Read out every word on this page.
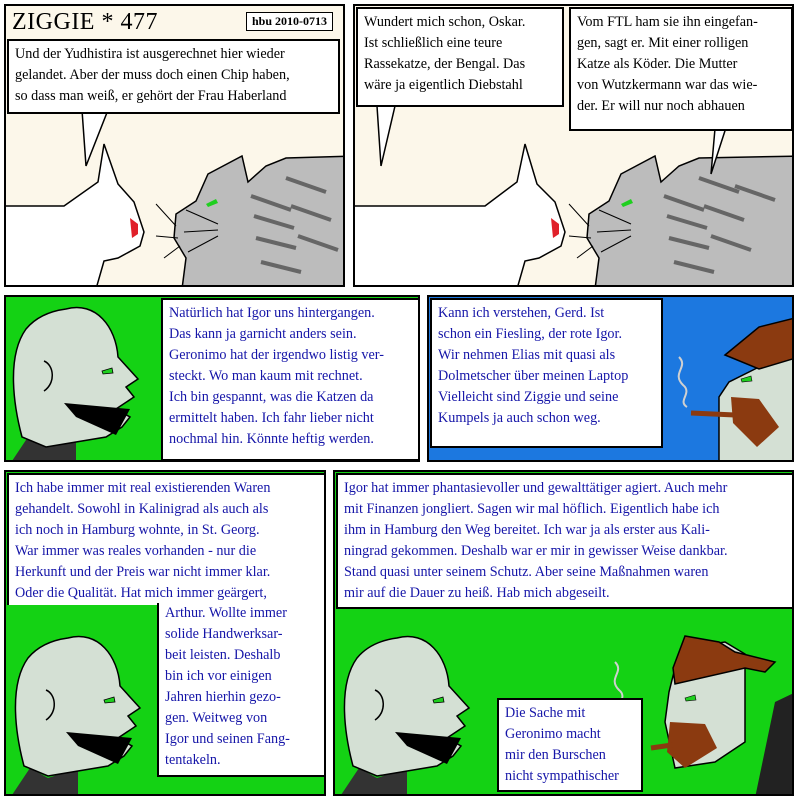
ZIGGIE * 477	hbu 2010-0713
Und der Yudhistira ist ausgerechnet hier wieder
gelandet. Aber der muss doch einen Chip haben,
so dass man weiß, er gehört der Frau Haberland
Wundert mich schon, Oskar.
Ist schließlich eine teure
Rassekatze, der Bengal. Das
wäre ja eigentlich Diebstahl
Vom FTL ham sie ihn eingefan-
gen, sagt er. Mit einer rolligen
Katze als Köder. Die Mutter
von Wutzkermann war das wie-
der. Er will nur noch abhauen
Natürlich hat Igor uns hintergangen.
Das kann ja garnicht anders sein.
Geronimo hat der irgendwo listig ver-
steckt. Wo man kaum mit rechnet.
Ich bin gespannt, was die Katzen da
ermittelt haben. Ich fahr lieber nicht
nochmal hin. Könnte heftig werden.
Kann ich verstehen, Gerd. Ist
schon ein Fiesling, der rote Igor.
Wir nehmen Elias mit quasi als
Dolmetscher über meinen Laptop
Vielleicht sind Ziggie und seine
Kumpels ja auch schon weg.
Ich habe immer mit real existierenden Waren
gehandelt. Sowohl in Kalinigrad als auch als
ich noch in Hamburg wohnte, in St. Georg.
War immer was reales vorhanden - nur die
Herkunft und der Preis war nicht immer klar.
Oder die Qualität. Hat mich immer geärgert,
Arthur. Wollte immer
solide Handwerksar-
beit leisten. Deshalb
bin ich vor einigen
Jahren hierhin gezo-
gen. Weitweg von
Igor und seinen Fang-
tentakeln.
Igor hat immer phantasievoller und gewalttätiger agiert. Auch mehr
mit Finanzen jongliert. Sagen wir mal höflich. Eigentlich habe ich
ihm in Hamburg den Weg bereitet. Ich war ja als erster aus Kali-
ningrad gekommen. Deshalb war er mir in gewisser Weise dankbar.
Stand quasi unter seinem Schutz. Aber seine Maßnahmen waren
mir auf die Dauer zu heiß. Hab mich abgeseilt.
Die Sache mit
Geronimo macht
mir den Burschen
nicht sympathischer
